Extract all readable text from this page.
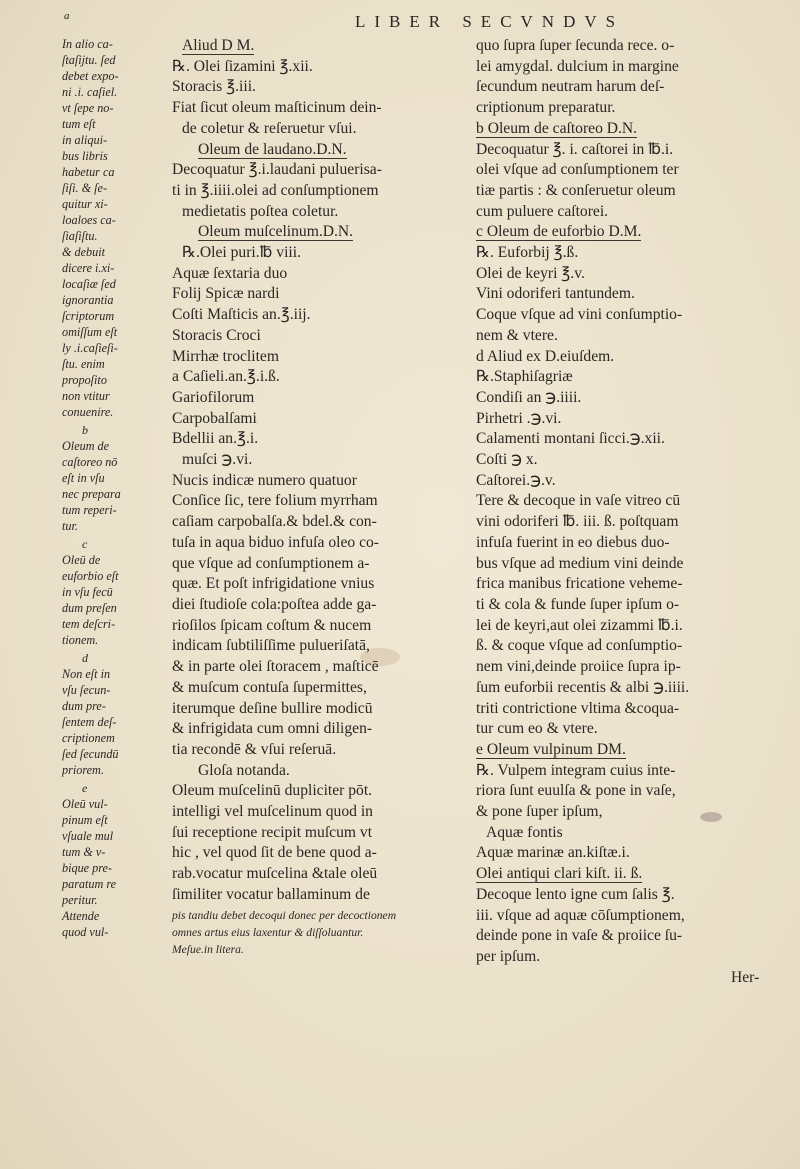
a	LIBER SECVNDVS

In alio ca-

ſtaſijtu. ſed

debet expo-

ni .i. caſiel.

vt ſepe no-

tum eſt

in aliqui-

bus libris

habetur ca

ſiſi. & ſe-

quitur xi-

loaloes ca-

ſiaſiſtu.

& debuit

dicere i.xi-

locaſiæ ſed

ignorantia

ſcriptorum

omiſſum eſt

ly .i.caſieſi-

ſtu. enim

propoſito

non vtitur

conuenire.

b

Oleum de

caſtoreo nō

eſt in vſu

nec prepara

tum reperi-

tur.

c

Oleū de

euforbio eſt

in vſu fecū

dum preſen

tem deſcri-

tionem.

d

Non eſt in

vſu ſecun-

dum pre-

ſentem deſ-

criptionem

ſed ſecundū

priorem.

e

Oleū vul-

pinum eſt

vſuale mul

tum & v-

bique pre-

paratum re

peritur.

Attende

quod vul-

Aliud D M.

℞. Olei ſizamini ℥.xii.

Storacis ℥.iii.

Fiat ſicut oleum maſticinum dein-

de coletur & reſeruetur vſui.

Oleum de laudano.D.N.

Decoquatur ℥.i.laudani puluerisa-

ti in ℥.iiii.olei ad conſumptionem

medietatis poſtea coletur.

Oleum muſcelinum.D.N.

℞.Olei puri.℔ viii.

Aquæ ſextaria duo

Folij Spicæ nardi

Coſti Maſticis an.℥.iij.

Storacis Croci

Mirrhæ troclitem

a Caſieli.an.℥.i.ß.

Gariofilorum

Carpobalſami

Bdellii an.℥.i.

muſci ℈.vi.

Nucis indicæ numero quatuor

Conſice ſic, tere folium myrrham

caſiam carpobalſa.& bdel.& con-

tuſa in aqua biduo infuſa oleo co-

que vſque ad conſumptionem a-

quæ. Et poſt infrigidatione vnius

diei ſtudioſe cola:poſtea adde ga-

rioſilos ſpicam coſtum & nucem

indicam ſubtiliſſime pulueriſatā,

& in parte olei ſtoracem , maſticē

& muſcum contuſa ſupermittes,

iterumque deſine bullire modicū

& infrigidata cum omni diligen-

tia recondē & vſui reſeruā.

Gloſa notanda.

Oleum muſcelinū dupliciter pōt.

intelligi vel muſcelinum quod in

ſui receptione recipit muſcum vt

hic , vel quod ſit de bene quod a-

rab.vocatur muſcelina &tale oleū

ſimiliter vocatur ballaminum de

pis tandiu debet decoqui donec per decoctionem

omnes artus eius laxentur & diſſoluantur.

Meſue.in litera.

quo ſupra ſuper ſecunda rece. o-

lei amygdal. dulcium in margine

ſecundum neutram harum deſ-

criptionum preparatur.

b Oleum de caſtoreo D.N.

Decoquatur ℥. i. caſtorei in ℔.i.

olei vſque ad conſumptionem ter

tiæ partis : & conſeruetur oleum

cum puluere caſtorei.

c Oleum de euforbio D.M.

℞. Euforbij ℥.ß.

Olei de keyri ℥.v.

Vini odoriferi tantundem.

Coque vſque ad vini conſumptio-

nem & vtere.

d Aliud ex D.eiuſdem.

℞.Staphiſagriæ

Condiſi an ℈.iiii.

Pirhetri .℈.vi.

Calamenti montani ſicci.℈.xii.

Coſti ℈ x.

Caſtorei.℈.v.

Tere & decoque in vaſe vitreo cū

vini odoriferi ℔. iii. ß. poſtquam

infuſa fuerint in eo diebus duo-

bus vſque ad medium vini deinde

frica manibus fricatione veheme-

ti & cola & funde ſuper ipſum o-

lei de keyri,aut olei zizammi ℔.i.

ß. & coque vſque ad conſumptio-

nem vini,deinde proiice ſupra ip-

ſum euforbii recentis & albi ℈.iiii.

triti contrictione vltima &coqua-

tur cum eo & vtere.

e Oleum vulpinum DM.

℞. Vulpem integram cuius inte-

riora ſunt euulſa & pone in vaſe,

& pone ſuper ipſum,

Aquæ fontis

Aquæ marinæ an.kiſtæ.i.

Olei antiqui clari kiſt. ii. ß.

Decoque lento igne cum ſalis ℥.

iii. vſque ad aquæ cōſumptionem,

deinde pone in vaſe & proiice ſu-

per ipſum.

Her-
